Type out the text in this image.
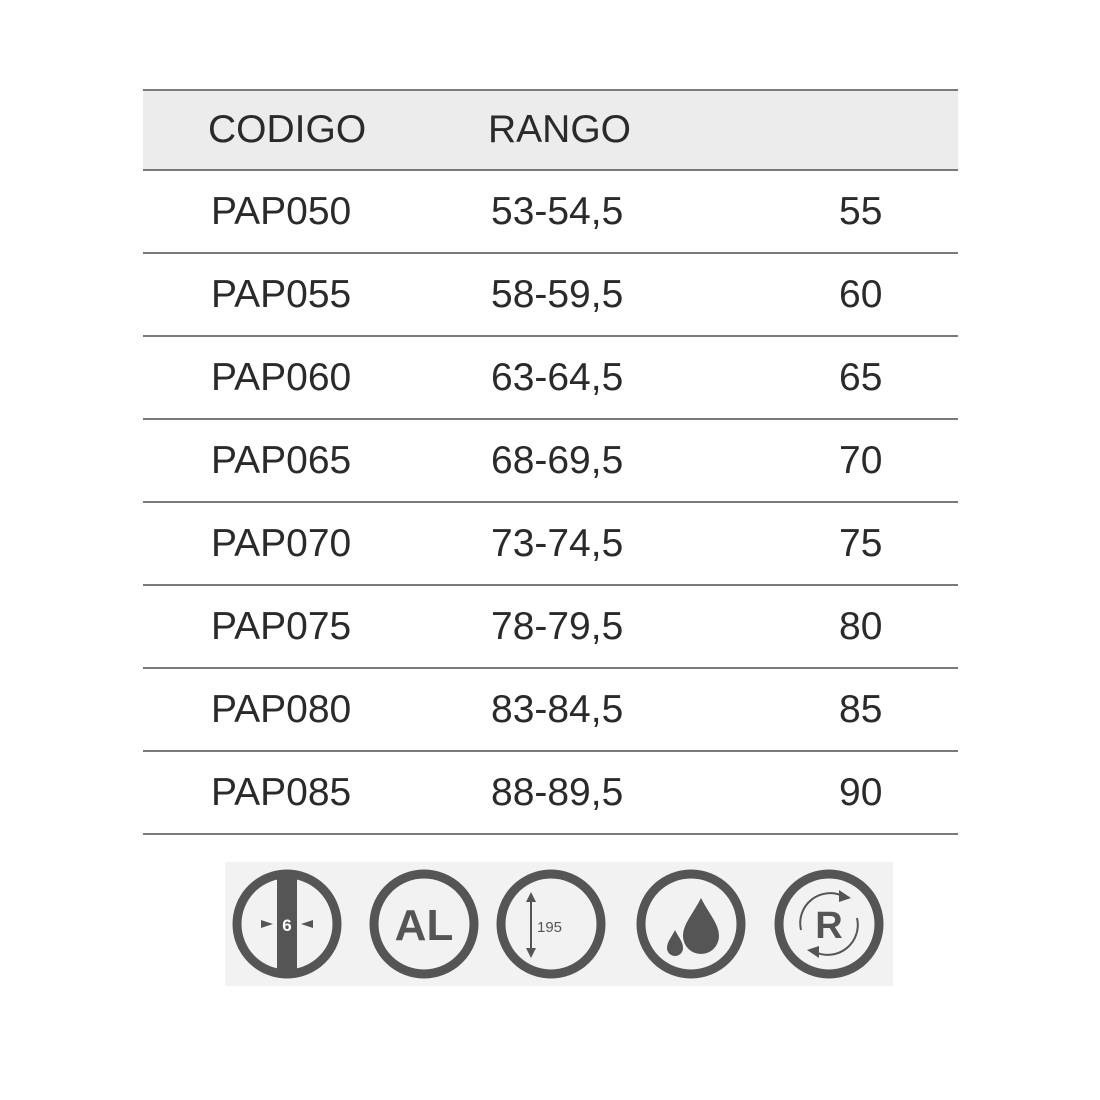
CODIGO	RANGO
PAP050	53-54,5	55
PAP055	58-59,5	60
PAP060	63-64,5	65
PAP065	68-69,5	70
PAP070	73-74,5	75
PAP075	78-79,5	80
PAP080	83-84,5	85
PAP085	88-89,5	90
6 AL	195	R
